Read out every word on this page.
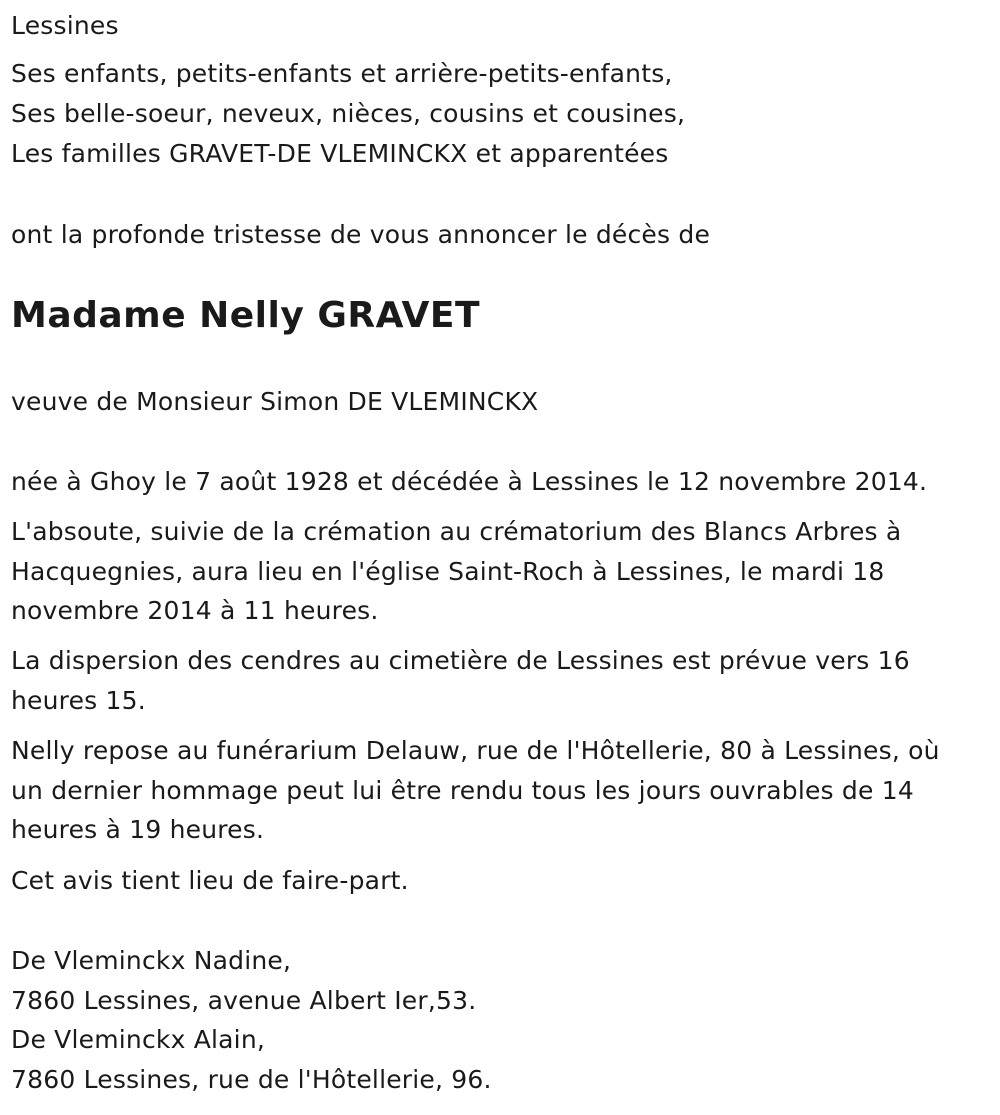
Lessines
Ses enfants, petits-enfants et arrière-petits-enfants,
Ses belle-soeur, neveux, nièces, cousins et cousines,
Les familles GRAVET-DE VLEMINCKX et apparentées
ont la profonde tristesse de vous annoncer le décès de
Madame Nelly GRAVET
veuve de Monsieur Simon DE VLEMINCKX
née à Ghoy le 7 août 1928 et décédée à Lessines le 12 novembre 2014.
L'absoute, suivie de la crémation au crématorium des Blancs Arbres à
Hacquegnies, aura lieu en l'église Saint-Roch à Lessines, le mardi 18
novembre 2014 à 11 heures.
La dispersion des cendres au cimetière de Lessines est prévue vers 16
heures 15.
Nelly repose au funérarium Delauw, rue de l'Hôtellerie, 80 à Lessines, où
un dernier hommage peut lui être rendu tous les jours ouvrables de 14
heures à 19 heures.
Cet avis tient lieu de faire-part.
De Vleminckx Nadine,
7860 Lessines, avenue Albert Ier,53.
De Vleminckx Alain,
7860 Lessines, rue de l'Hôtellerie, 96.
